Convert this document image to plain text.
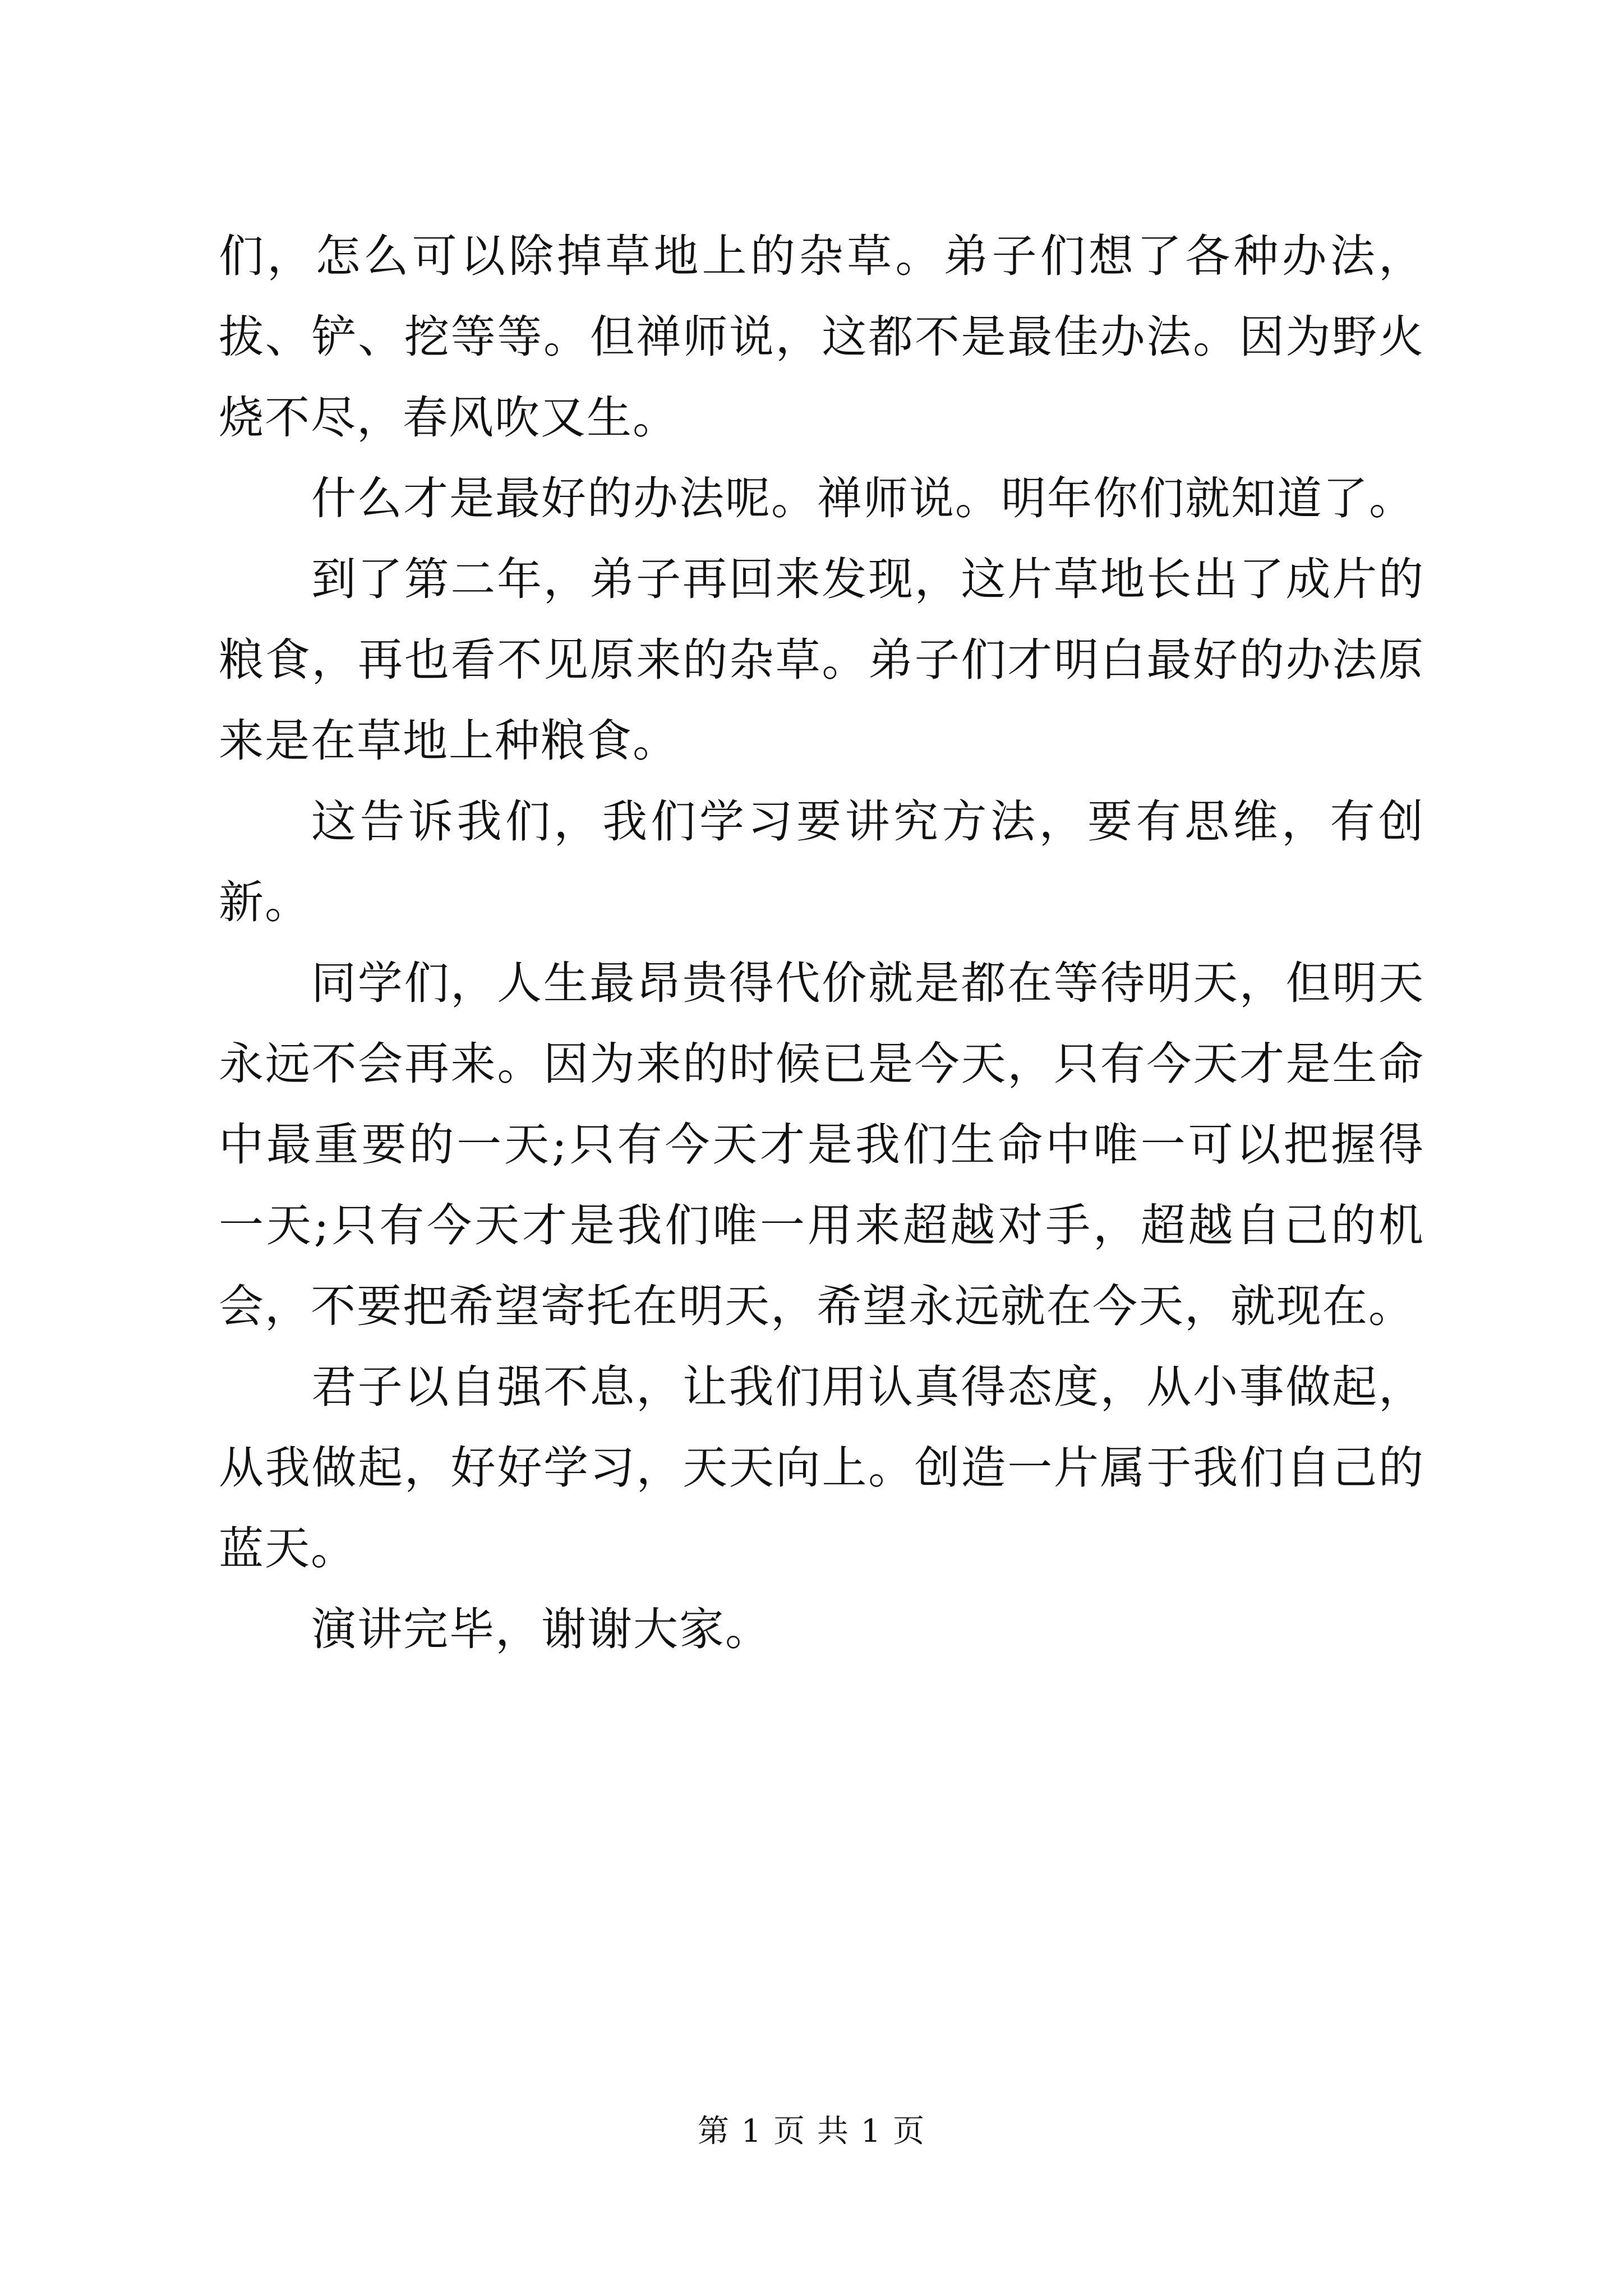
们，怎么可以除掉草地上的杂草。弟子们想了各种办法，拔、铲、挖等等。但禅师说，这都不是最佳办法。因为野火烧不尽，春风吹又生。

什么才是最好的办法呢。禅师说。明年你们就知道了。

到了第二年，弟子再回来发现，这片草地长出了成片的粮食，再也看不见原来的杂草。弟子们才明白最好的办法原来是在草地上种粮食。

这告诉我们，我们学习要讲究方法，要有思维，有创新。

同学们，人生最昂贵得代价就是都在等待明天，但明天永远不会再来。因为来的时候已是今天，只有今天才是生命中最重要的一天;只有今天才是我们生命中唯一可以把握得一天;只有今天才是我们唯一用来超越对手，超越自己的机会，不要把希望寄托在明天，希望永远就在今天，就现在。

君子以自强不息，让我们用认真得态度，从小事做起，从我做起，好好学习，天天向上。创造一片属于我们自己的蓝天。

演讲完毕，谢谢大家。

第 1 页 共 1 页
